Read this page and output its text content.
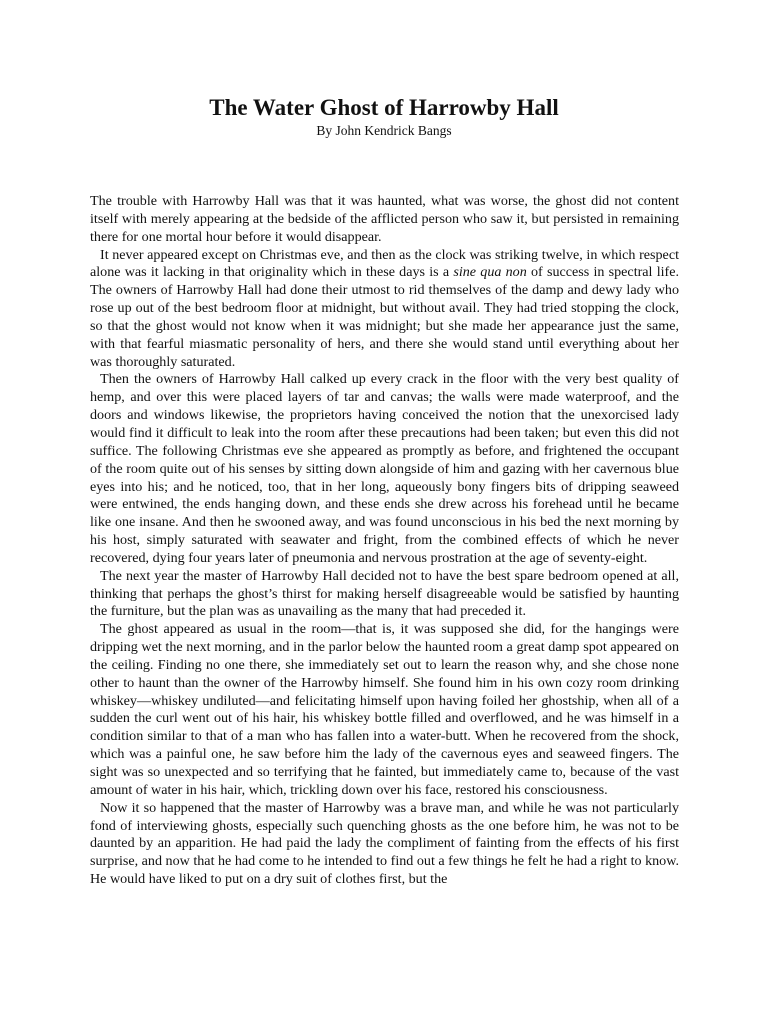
The Water Ghost of Harrowby Hall
By John Kendrick Bangs

The trouble with Harrowby Hall was that it was haunted, what was worse, the ghost did not content itself with merely appearing at the bedside of the afflicted person who saw it, but persisted in remaining there for one mortal hour before it would disappear.

It never appeared except on Christmas eve, and then as the clock was striking twelve, in which respect alone was it lacking in that originality which in these days is a sine qua non of success in spectral life. The owners of Harrowby Hall had done their utmost to rid themselves of the damp and dewy lady who rose up out of the best bedroom floor at midnight, but without avail. They had tried stopping the clock, so that the ghost would not know when it was midnight; but she made her appearance just the same, with that fearful miasmatic personality of hers, and there she would stand until everything about her was thoroughly saturated.

Then the owners of Harrowby Hall calked up every crack in the floor with the very best quality of hemp, and over this were placed layers of tar and canvas; the walls were made waterproof, and the doors and windows likewise, the proprietors having conceived the notion that the unexorcised lady would find it difficult to leak into the room after these precautions had been taken; but even this did not suffice. The following Christmas eve she appeared as promptly as before, and frightened the occupant of the room quite out of his senses by sitting down alongside of him and gazing with her cavernous blue eyes into his; and he noticed, too, that in her long, aqueously bony fingers bits of dripping seaweed were entwined, the ends hanging down, and these ends she drew across his forehead until he became like one insane. And then he swooned away, and was found unconscious in his bed the next morning by his host, simply saturated with seawater and fright, from the combined effects of which he never recovered, dying four years later of pneumonia and nervous prostration at the age of seventy-eight.

The next year the master of Harrowby Hall decided not to have the best spare bedroom opened at all, thinking that perhaps the ghost’s thirst for making herself disagreeable would be satisfied by haunting the furniture, but the plan was as unavailing as the many that had preceded it.

The ghost appeared as usual in the room—that is, it was supposed she did, for the hangings were dripping wet the next morning, and in the parlor below the haunted room a great damp spot appeared on the ceiling. Finding no one there, she immediately set out to learn the reason why, and she chose none other to haunt than the owner of the Harrowby himself. She found him in his own cozy room drinking whiskey—whiskey undiluted—and felicitating himself upon having foiled her ghostship, when all of a sudden the curl went out of his hair, his whiskey bottle filled and overflowed, and he was himself in a condition similar to that of a man who has fallen into a water-butt. When he recovered from the shock, which was a painful one, he saw before him the lady of the cavernous eyes and seaweed fingers. The sight was so unexpected and so terrifying that he fainted, but immediately came to, because of the vast amount of water in his hair, which, trickling down over his face, restored his consciousness.

Now it so happened that the master of Harrowby was a brave man, and while he was not particularly fond of interviewing ghosts, especially such quenching ghosts as the one before him, he was not to be daunted by an apparition. He had paid the lady the compliment of fainting from the effects of his first surprise, and now that he had come to he intended to find out a few things he felt he had a right to know. He would have liked to put on a dry suit of clothes first, but the
